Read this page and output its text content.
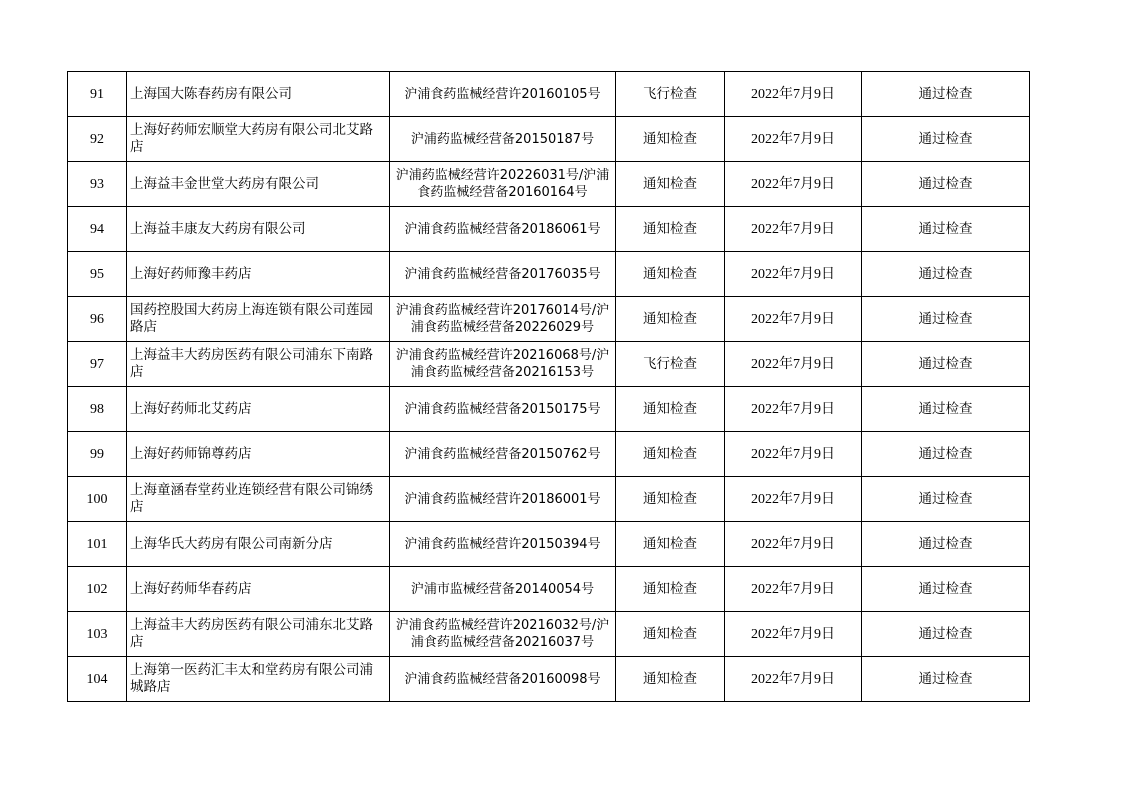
91	上海国大陈春药房有限公司	沪浦食药监械经营许20160105号	飞行检查	2022年7月9日	通过检查
92	上海好药师宏顺堂大药房有限公司北艾路店	沪浦药监械经营备20150187号	通知检查	2022年7月9日	通过检查
93	上海益丰金世堂大药房有限公司	沪浦药监械经营许20226031号/沪浦食药监械经营备20160164号	通知检查	2022年7月9日	通过检查
94	上海益丰康友大药房有限公司	沪浦食药监械经营备20186061号	通知检查	2022年7月9日	通过检查
95	上海好药师豫丰药店	沪浦食药监械经营备20176035号	通知检查	2022年7月9日	通过检查
96	国药控股国大药房上海连锁有限公司莲园路店	沪浦食药监械经营许20176014号/沪浦食药监械经营备20226029号	通知检查	2022年7月9日	通过检查
97	上海益丰大药房医药有限公司浦东下南路店	沪浦食药监械经营许20216068号/沪浦食药监械经营备20216153号	飞行检查	2022年7月9日	通过检查
98	上海好药师北艾药店	沪浦食药监械经营备20150175号	通知检查	2022年7月9日	通过检查
99	上海好药师锦尊药店	沪浦食药监械经营备20150762号	通知检查	2022年7月9日	通过检查
100	上海童涵春堂药业连锁经营有限公司锦绣店	沪浦食药监械经营许20186001号	通知检查	2022年7月9日	通过检查
101	上海华氏大药房有限公司南新分店	沪浦食药监械经营许20150394号	通知检查	2022年7月9日	通过检查
102	上海好药师华春药店	沪浦市监械经营备20140054号	通知检查	2022年7月9日	通过检查
103	上海益丰大药房医药有限公司浦东北艾路店	沪浦食药监械经营许20216032号/沪浦食药监械经营备20216037号	通知检查	2022年7月9日	通过检查
104	上海第一医药汇丰太和堂药房有限公司浦城路店	沪浦食药监械经营备20160098号	通知检查	2022年7月9日	通过检查
